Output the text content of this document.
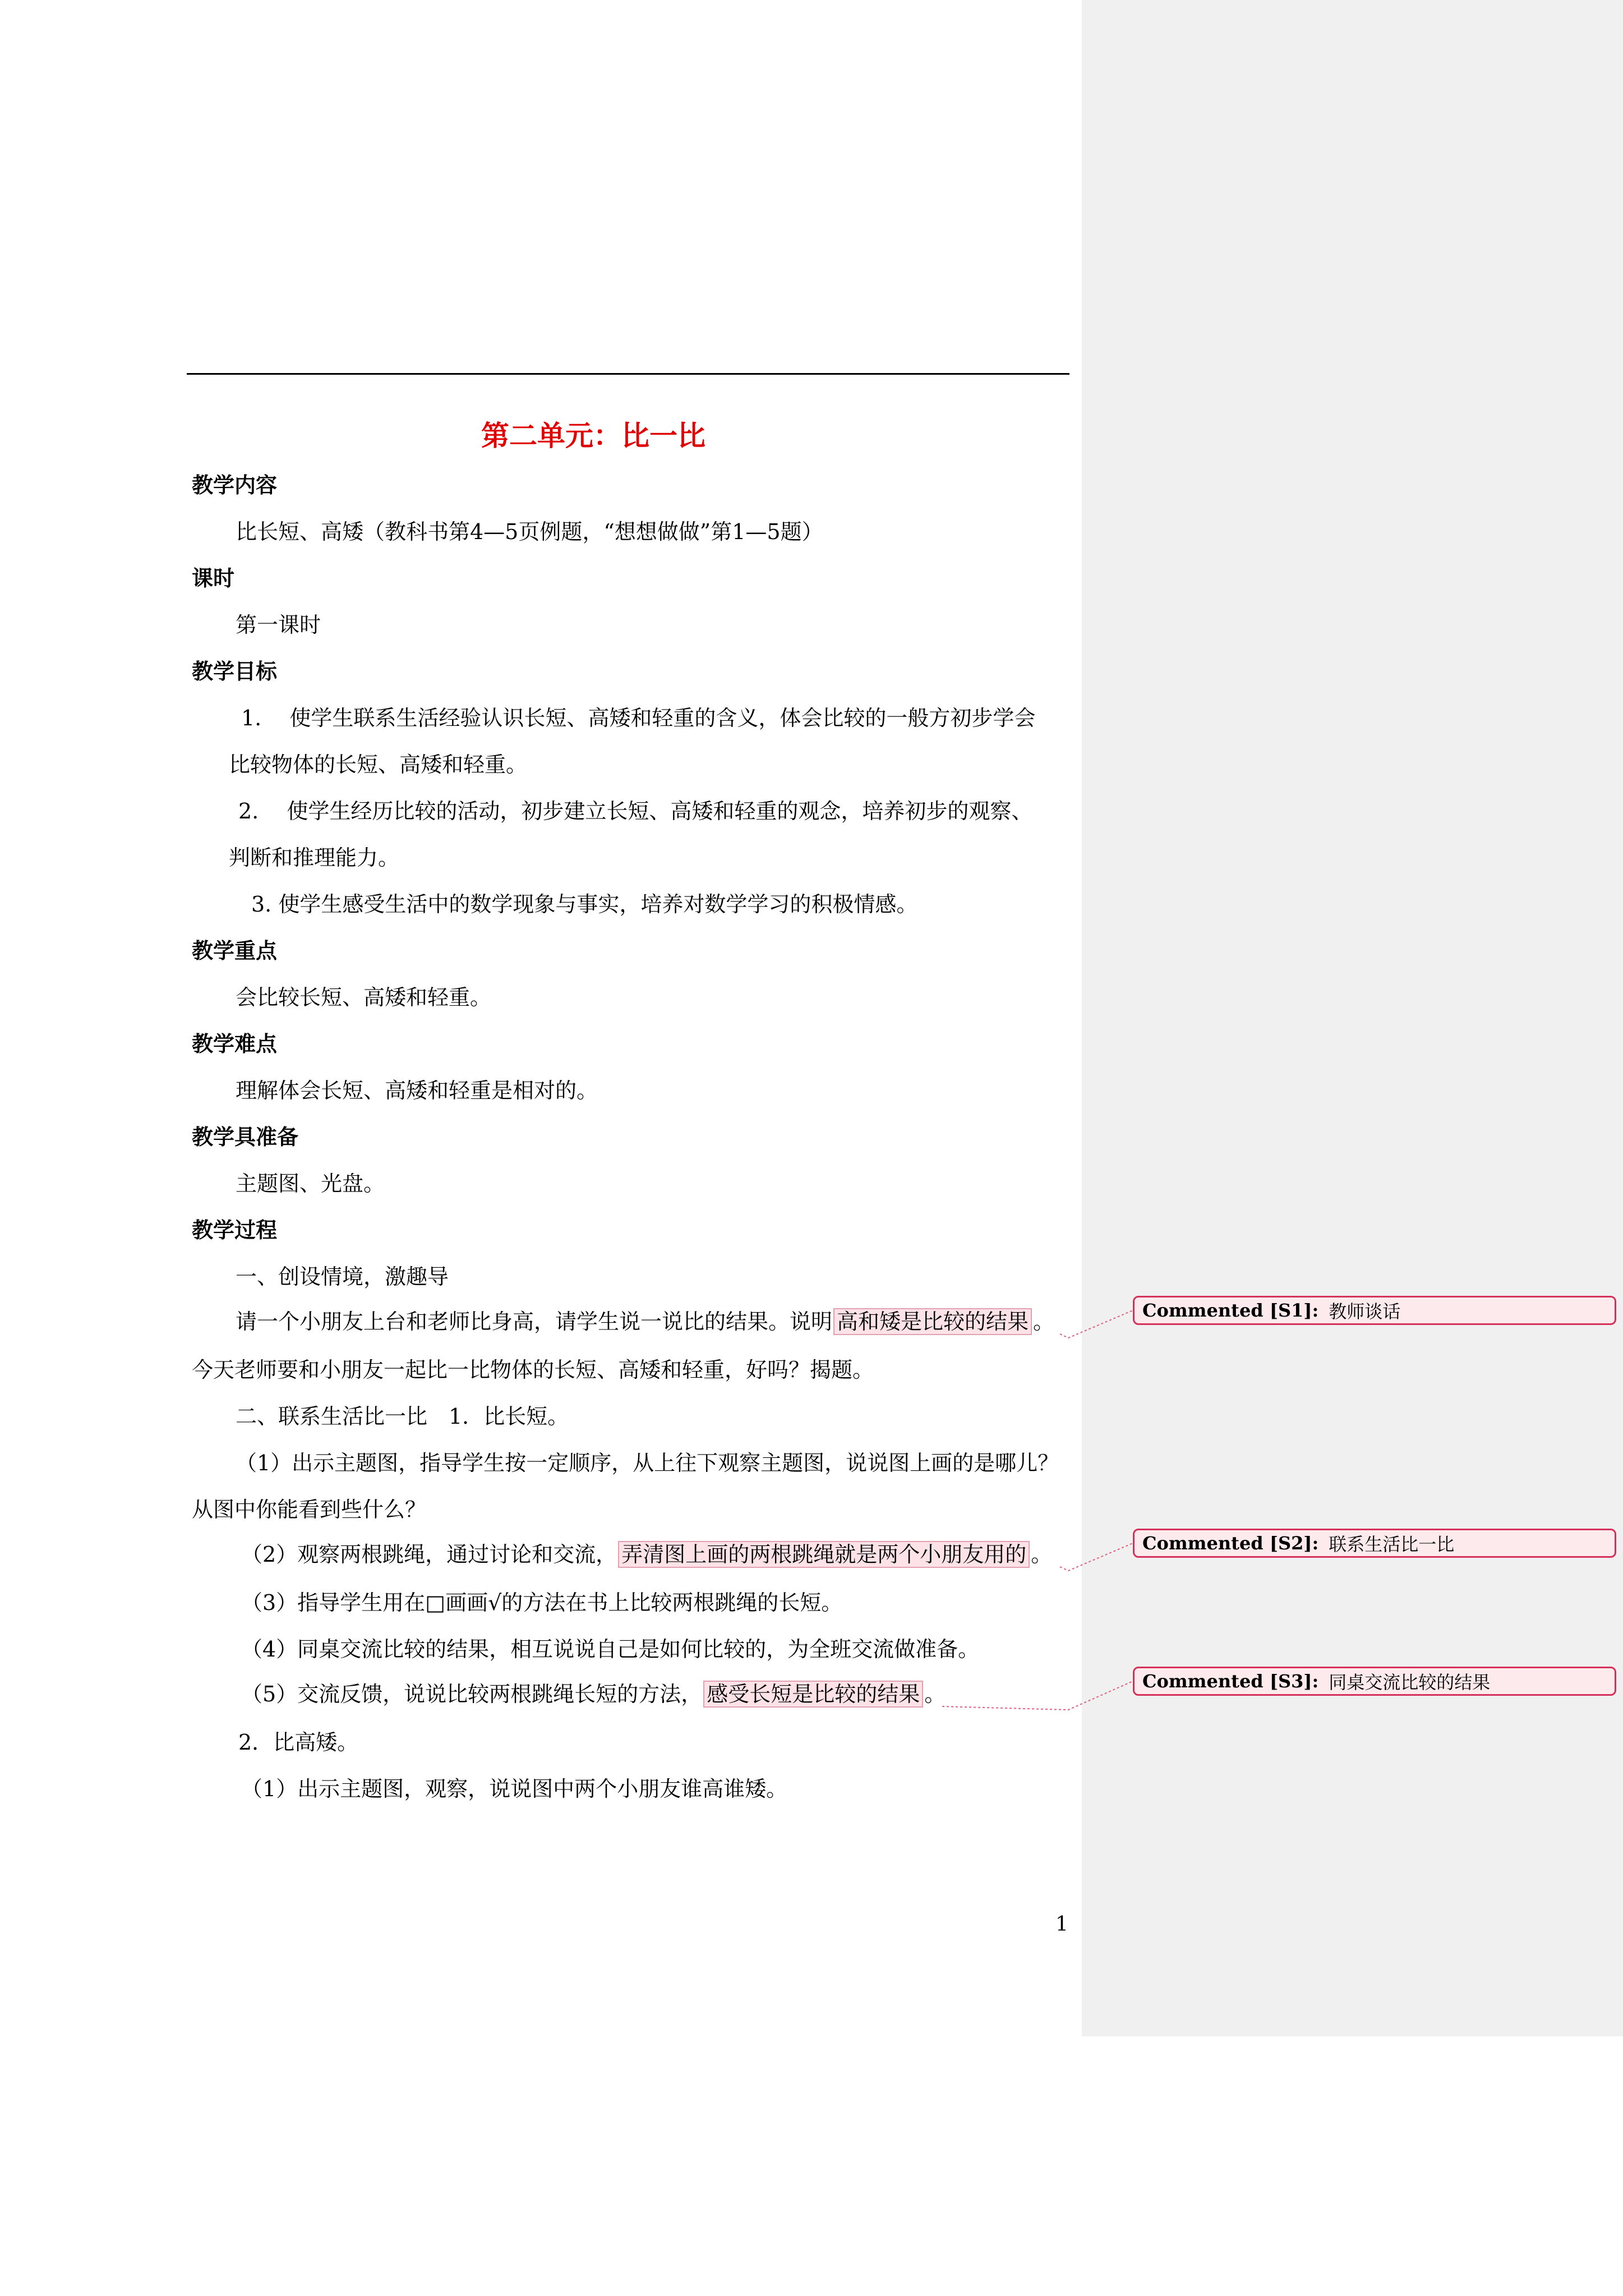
第二单元：比一比
教学内容
比长短、高矮（教科书第4—5页例题，“想想做做”第1—5题）
课时
第一课时
教学目标
1.　 使学生联系生活经验认识长短、高矮和轻重的含义，体会比较的一般方初步学会
比较物体的长短、高矮和轻重。
2.　 使学生经历比较的活动，初步建立长短、高矮和轻重的观念，培养初步的观察、
判断和推理能力。
3. 使学生感受生活中的数学现象与事实，培养对数学学习的积极情感。
教学重点
会比较长短、高矮和轻重。
教学难点
理解体会长短、高矮和轻重是相对的。
教学具准备
主题图、光盘。
教学过程
一、创设情境，激趣导
请一个小朋友上台和老师比身高，请学生说一说比的结果。说明 高和矮是比较的结果 。
今天老师要和小朋友一起比一比物体的长短、高矮和轻重，好吗？揭题。
二、联系生活比一比　1．比长短。
（1）出示主题图，指导学生按一定顺序，从上往下观察主题图，说说图上画的是哪儿？
从图中你能看到些什么？
（2）观察两根跳绳，通过讨论和交流， 弄清图上画的两根跳绳就是两个小朋友用的 。
（3）指导学生用在□画画√的方法在书上比较两根跳绳的长短。
（4）同桌交流比较的结果，相互说说自己是如何比较的，为全班交流做准备。
（5）交流反馈，说说比较两根跳绳长短的方法， 感受长短是比较的结果 。
2．比高矮。
（1）出示主题图，观察，说说图中两个小朋友谁高谁矮。
1
Commented [S1]: 教师谈话
Commented [S2]: 联系生活比一比
Commented [S3]: 同桌交流比较的结果
